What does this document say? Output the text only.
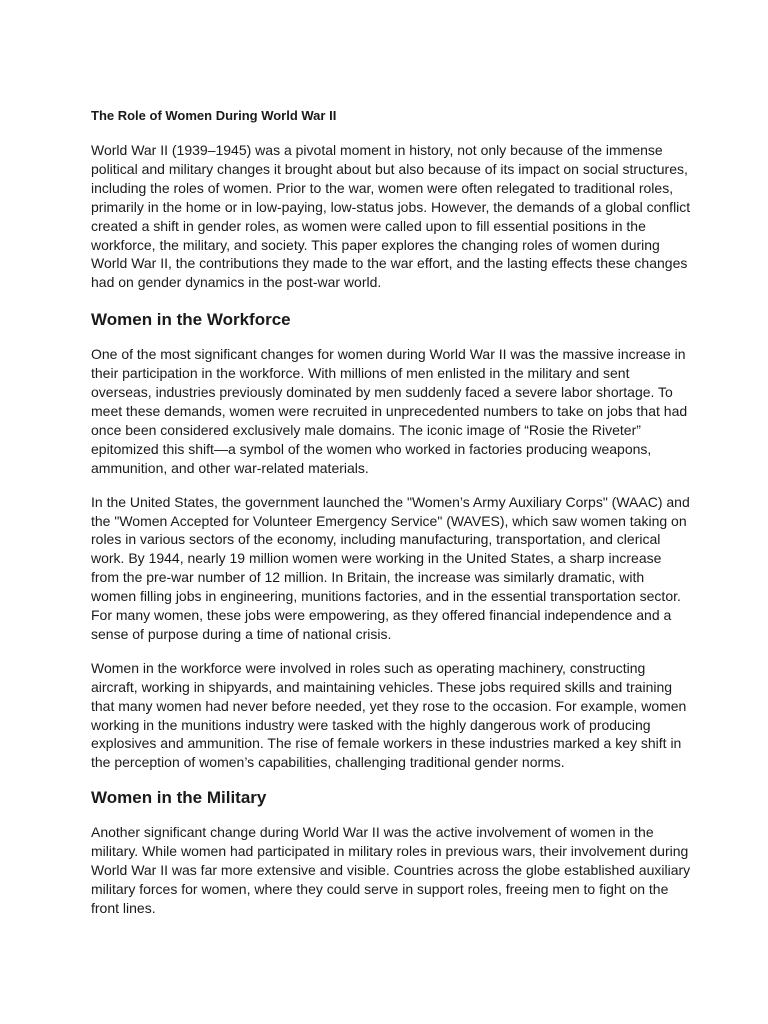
The Role of Women During World War II

World War II (1939–1945) was a pivotal moment in history, not only because of the immense political and military changes it brought about but also because of its impact on social structures, including the roles of women. Prior to the war, women were often relegated to traditional roles, primarily in the home or in low-paying, low-status jobs. However, the demands of a global conflict created a shift in gender roles, as women were called upon to fill essential positions in the workforce, the military, and society. This paper explores the changing roles of women during World War II, the contributions they made to the war effort, and the lasting effects these changes had on gender dynamics in the post-war world.

Women in the Workforce

One of the most significant changes for women during World War II was the massive increase in their participation in the workforce. With millions of men enlisted in the military and sent overseas, industries previously dominated by men suddenly faced a severe labor shortage. To meet these demands, women were recruited in unprecedented numbers to take on jobs that had once been considered exclusively male domains. The iconic image of “Rosie the Riveter” epitomized this shift—a symbol of the women who worked in factories producing weapons, ammunition, and other war-related materials.

In the United States, the government launched the "Women’s Army Auxiliary Corps" (WAAC) and the "Women Accepted for Volunteer Emergency Service" (WAVES), which saw women taking on roles in various sectors of the economy, including manufacturing, transportation, and clerical work. By 1944, nearly 19 million women were working in the United States, a sharp increase from the pre-war number of 12 million. In Britain, the increase was similarly dramatic, with women filling jobs in engineering, munitions factories, and in the essential transportation sector. For many women, these jobs were empowering, as they offered financial independence and a sense of purpose during a time of national crisis.

Women in the workforce were involved in roles such as operating machinery, constructing aircraft, working in shipyards, and maintaining vehicles. These jobs required skills and training that many women had never before needed, yet they rose to the occasion. For example, women working in the munitions industry were tasked with the highly dangerous work of producing explosives and ammunition. The rise of female workers in these industries marked a key shift in the perception of women’s capabilities, challenging traditional gender norms.

Women in the Military

Another significant change during World War II was the active involvement of women in the military. While women had participated in military roles in previous wars, their involvement during World War II was far more extensive and visible. Countries across the globe established auxiliary military forces for women, where they could serve in support roles, freeing men to fight on the front lines.
